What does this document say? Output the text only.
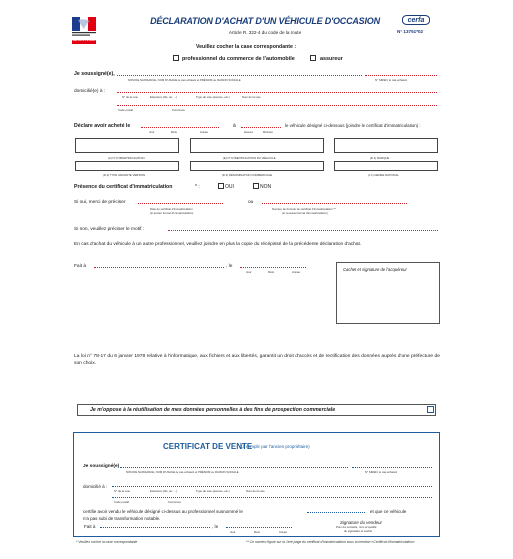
MINISTÈRE DE L'INTÉRIEUR
DÉCLARATION D'ACHAT D'UN VÉHICULE D'OCCASION
Article R. 322-4 du code de la route
cerfa
N° 13751*02
Veuillez cocher la case correspondante :
professionnel du commerce de l'automobile	assureur
Je soussigné(e),
NOM DE NAISSANCE, NOM D'USAGE le cas échéant et PRÉNOM ou RAISON SOCIALE	N° SIREN, le cas échéant
domicilié(e) à :
N° de la voie	Extension (bis, ter, ...)	Type de voie (avenue, etc.)	Nom de la voie
Code postal	Commune
Déclare avoir acheté le
Jour	Mois	Année
à
Heures	Minutes
le véhicule désigné ci-dessous (joindre le certificat d'immatriculation) :
(A) N° D'IMMATRICULATION	(E) N° D'IDENTIFICATION DU VÉHICULE	(D.1) MARQUE
(D.2) TYPE VARIANTE VERSION	(D.3) DÉNOMINATION COMMERCIALE	(J.1) GENRE NATIONAL
Présence du certificat d'immatriculation	* :	OUI	NON
Si oui, merci de préciser
Date du certificat d'immatriculation
(si ancien format d'immatriculation)
ou
Numéro de formule du certificat d'immatriculation **
(si nouveau format d'immatriculation)
Si non, veuillez préciser le motif :
En cas d'achat du véhicule à un autre professionnel, veuillez joindre en plus la copie du récépissé de la précédente déclaration d'achat.
Fait à	, le
Jour	Mois	Année	Cachet et signature de l'acquéreur
La loi n° 78-17 du 6 janvier 1978 relative à l'informatique, aux fichiers et aux libertés, garantit un droit d'accès et de rectification des données auprès d'une préfecture de son choix.
Je m'oppose à la réutilisation de mes données personnelles à des fins de prospection commerciale
CERTIFICAT DE VENTE
(à remplir par l'ancien propriétaire)
Je soussigné(e)
NOM DE NAISSANCE, NOM D'USAGE le cas échéant et PRÉNOM ou RAISON SOCIALE	N° SIREN, le cas échéant
domicilié à :
N° de la voie	Extension (bis, ter, ...)	Type de voie (avenue, etc.)	Nom de la voie
Code postal	Commune
certifie avoir vendu le véhicule désigné ci-dessus au professionnel susnommé le	et que ce véhicule
n'a pas subi de transformation notable.
Fait à	, le
Jour	Mois	Année
Signature du vendeur
Pour les sociétés, nom et qualité
du signataire et cachet
* Veuillez cocher la case correspondante	** Ce numéro figure sur la 1ère page du certificat d'immatriculation sous la mention «Certificat d'immatriculation»
